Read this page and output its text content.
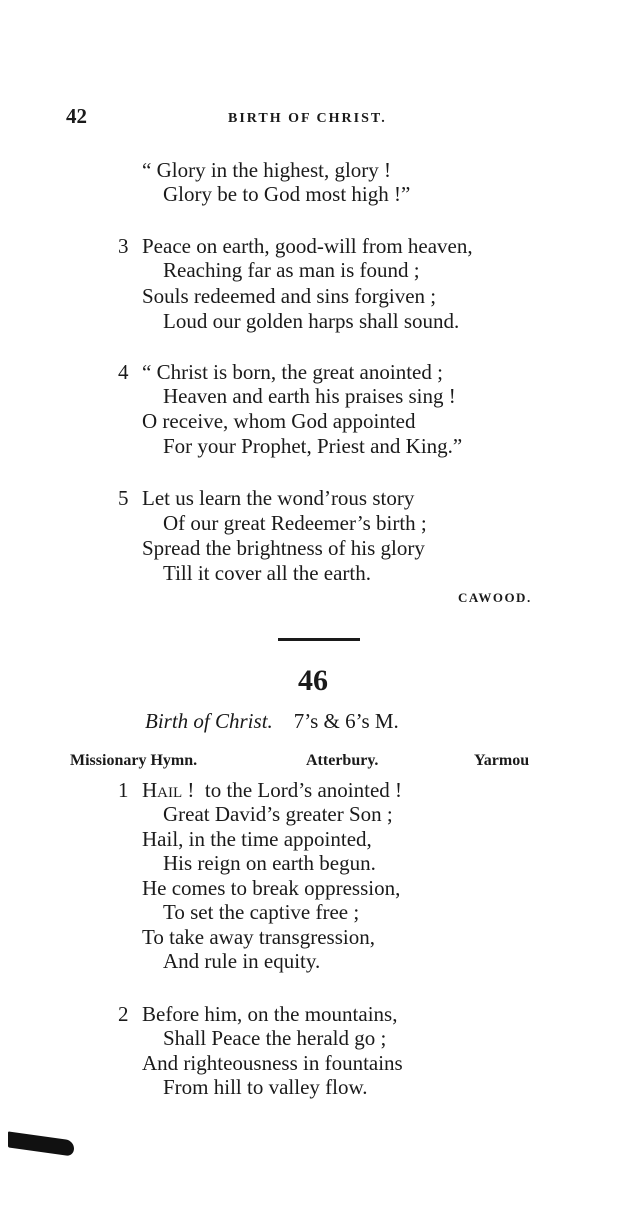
42	BIRTH OF CHRIST.
“ Glory in the highest, glory !
Glory be to God most high !”
3 Peace on earth, good-will from heaven,
Reaching far as man is found ;
Souls redeemed and sins forgiven ;
Loud our golden harps shall sound.
4 “ Christ is born, the great anointed ;
Heaven and earth his praises sing !
O receive, whom God appointed
For your Prophet, Priest and King.”
5 Let us learn the wond’rous story
Of our great Redeemer’s birth ;
Spread the brightness of his glory
Till it cover all the earth.
CAWOOD.
46
Birth of Christ. 7’s & 6’s M.
Missionary Hymn.	Atterbury.	Yarmou
1 Hail !  to the Lord’s anointed !
Great David’s greater Son ;
Hail, in the time appointed,
His reign on earth begun.
He comes to break oppression,
To set the captive free ;
To take away transgression,
And rule in equity.
2 Before him, on the mountains,
Shall Peace the herald go ;
And righteousness in fountains
From hill to valley flow.
